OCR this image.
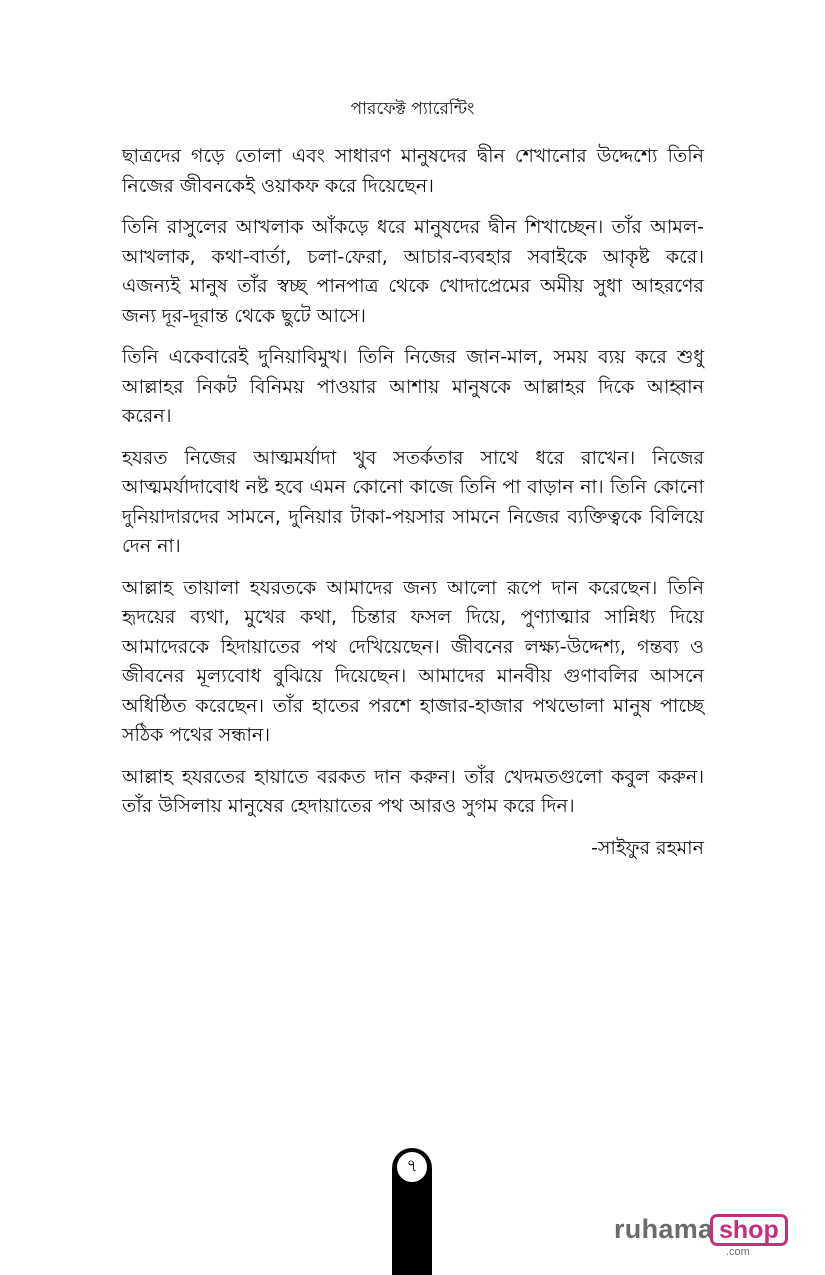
পারফেক্ট প্যারেন্টিং

ছাত্রদের গড়ে তোলা এবং সাধারণ মানুষদের দ্বীন শেখানোর উদ্দেশ্যে তিনি নিজের জীবনকেই ওয়াকফ করে দিয়েছেন।

তিনি রাসুলের আখলাক আঁকড়ে ধরে মানুষদের দ্বীন শিখাচ্ছেন। তাঁর আমল-আখলাক, কথা-বার্তা, চলা-ফেরা, আচার-ব্যবহার সবাইকে আকৃষ্ট করে। এজন্যই মানুষ তাঁর স্বচ্ছ পানপাত্র থেকে খোদাপ্রেমের অমীয় সুধা আহরণের জন্য দূর-দূরান্ত থেকে ছুটে আসে।

তিনি একেবারেই দুনিয়াবিমুখ। তিনি নিজের জান-মাল, সময় ব্যয় করে শুধু আল্লাহর নিকট বিনিময় পাওয়ার আশায় মানুষকে আল্লাহর দিকে আহ্বান করেন।

হযরত নিজের আত্মমর্যাদা খুব সতর্কতার সাথে ধরে রাখেন। নিজের আত্মমর্যাদাবোধ নষ্ট হবে এমন কোনো কাজে তিনি পা বাড়ান না। তিনি কোনো দুনিয়াদারদের সামনে, দুনিয়ার টাকা-পয়সার সামনে নিজের ব্যক্তিত্বকে বিলিয়ে দেন না।

আল্লাহ তায়ালা হযরতকে আমাদের জন্য আলো রূপে দান করেছেন। তিনি হৃদয়ের ব্যথা, মুখের কথা, চিন্তার ফসল দিয়ে, পুণ্যাত্মার সান্নিধ্য দিয়ে আমাদেরকে হিদায়াতের পথ দেখিয়েছেন। জীবনের লক্ষ্য-উদ্দেশ্য, গন্তব্য ও জীবনের মূল্যবোধ বুঝিয়ে দিয়েছেন। আমাদের মানবীয় গুণাবলির আসনে অধিষ্ঠিত করেছেন। তাঁর হাতের পরশে হাজার-হাজার পথভোলা মানুষ পাচ্ছে সঠিক পথের সন্ধান।

আল্লাহ হযরতের হায়াতে বরকত দান করুন। তাঁর খেদমতগুলো কবুল করুন। তাঁর উসিলায় মানুষের হেদায়াতের পথ আরও সুগম করে দিন।

-সাইফুর রহমান
৭
ruhama shop
.com
